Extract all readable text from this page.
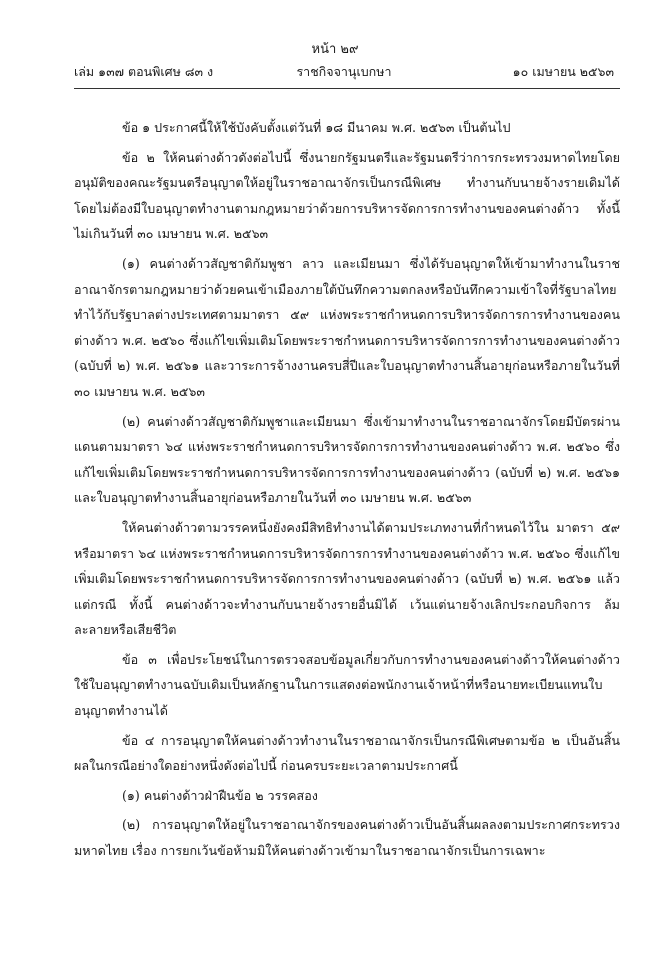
หน้า ๒๙
ราชกิจจานุเบกษา
เล่ม ๑๓๗ ตอนพิเศษ ๘๓ ง	๑๐ เมษายน ๒๕๖๓

ข้อ ๑ ประกาศนี้ให้ใช้บังคับตั้งแต่วันที่ ๑๘ มีนาคม พ.ศ. ๒๕๖๓ เป็นต้นไป

ข้อ ๒ ให้คนต่างด้าวดังต่อไปนี้ ซึ่งนายกรัฐมนตรีและรัฐมนตรีว่าการกระทรวงมหาดไทยโดยอนุมัติของคณะรัฐมนตรีอนุญาตให้อยู่ในราชอาณาจักรเป็นกรณีพิเศษ ทำงานกับนายจ้างรายเดิมได้โดยไม่ต้องมีใบอนุญาตทำงานตามกฎหมายว่าด้วยการบริหารจัดการการทำงานของคนต่างด้าว ทั้งนี้ไม่เกินวันที่ ๓๐ เมษายน พ.ศ. ๒๕๖๓

(๑) คนต่างด้าวสัญชาติกัมพูชา ลาว และเมียนมา ซึ่งได้รับอนุญาตให้เข้ามาทำงานในราชอาณาจักรตามกฎหมายว่าด้วยคนเข้าเมืองภายใต้บันทึกความตกลงหรือบันทึกความเข้าใจที่รัฐบาลไทยทำไว้กับรัฐบาลต่างประเทศตามมาตรา ๕๙ แห่งพระราชกำหนดการบริหารจัดการการทำงานของคนต่างด้าว พ.ศ. ๒๕๖๐ ซึ่งแก้ไขเพิ่มเติมโดยพระราชกำหนดการบริหารจัดการการทำงานของคนต่างด้าว (ฉบับที่ ๒) พ.ศ. ๒๕๖๑ และวาระการจ้างงานครบสี่ปีและใบอนุญาตทำงานสิ้นอายุก่อนหรือภายในวันที่ ๓๐ เมษายน พ.ศ. ๒๕๖๓

(๒) คนต่างด้าวสัญชาติกัมพูชาและเมียนมา ซึ่งเข้ามาทำงานในราชอาณาจักรโดยมีบัตรผ่านแดนตามมาตรา ๖๔ แห่งพระราชกำหนดการบริหารจัดการการทำงานของคนต่างด้าว พ.ศ. ๒๕๖๐ ซึ่งแก้ไขเพิ่มเติมโดยพระราชกำหนดการบริหารจัดการการทำงานของคนต่างด้าว (ฉบับที่ ๒) พ.ศ. ๒๕๖๑ และใบอนุญาตทำงานสิ้นอายุก่อนหรือภายในวันที่ ๓๐ เมษายน พ.ศ. ๒๕๖๓

ให้คนต่างด้าวตามวรรคหนึ่งยังคงมีสิทธิทำงานได้ตามประเภทงานที่กำหนดไว้ใน มาตรา ๕๙ หรือมาตรา ๖๔ แห่งพระราชกำหนดการบริหารจัดการการทำงานของคนต่างด้าว พ.ศ. ๒๕๖๐ ซึ่งแก้ไขเพิ่มเติมโดยพระราชกำหนดการบริหารจัดการการทำงานของคนต่างด้าว (ฉบับที่ ๒) พ.ศ. ๒๕๖๑ แล้วแต่กรณี ทั้งนี้ คนต่างด้าวจะทำงานกับนายจ้างรายอื่นมิได้ เว้นแต่นายจ้างเลิกประกอบกิจการ ล้มละลายหรือเสียชีวิต

ข้อ ๓ เพื่อประโยชน์ในการตรวจสอบข้อมูลเกี่ยวกับการทำงานของคนต่างด้าวให้คนต่างด้าวใช้ใบอนุญาตทำงานฉบับเดิมเป็นหลักฐานในการแสดงต่อพนักงานเจ้าหน้าที่หรือนายทะเบียนแทนใบอนุญาตทำงานได้

ข้อ ๔ การอนุญาตให้คนต่างด้าวทำงานในราชอาณาจักรเป็นกรณีพิเศษตามข้อ ๒ เป็นอันสิ้นผลในกรณีอย่างใดอย่างหนึ่งดังต่อไปนี้ ก่อนครบระยะเวลาตามประกาศนี้

(๑) คนต่างด้าวฝ่าฝืนข้อ ๒ วรรคสอง

(๒) การอนุญาตให้อยู่ในราชอาณาจักรของคนต่างด้าวเป็นอันสิ้นผลลงตามประกาศกระทรวงมหาดไทย เรื่อง การยกเว้นข้อห้ามมิให้คนต่างด้าวเข้ามาในราชอาณาจักรเป็นการเฉพาะ
